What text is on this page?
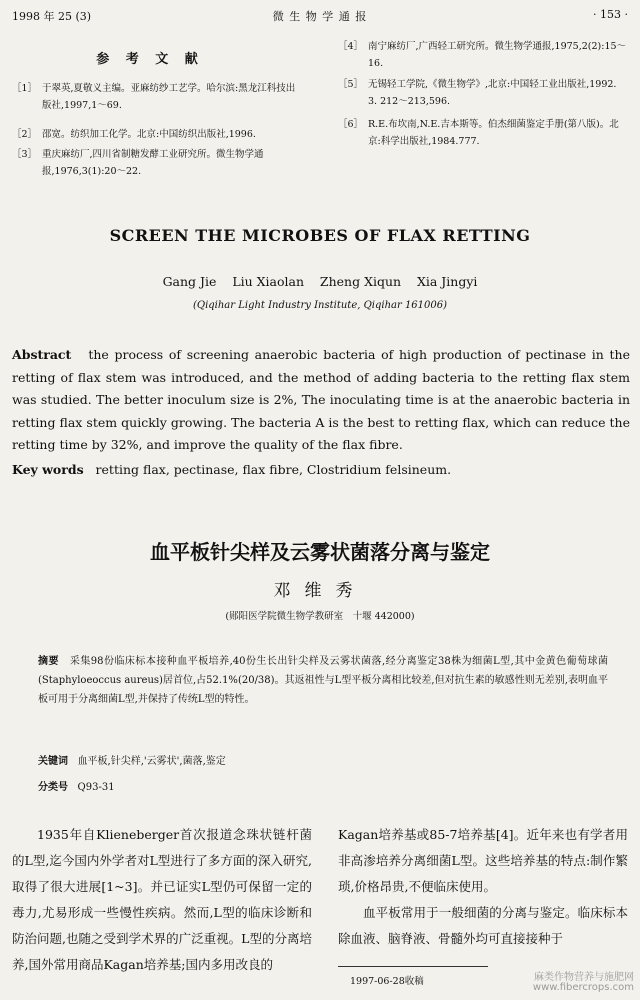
1998 年 25 (3)	微 生 物 学 通 报	· 153 ·
参 考 文 献
［1］ 于翠英,夏敬义主编。亚麻纺纱工艺学。哈尔滨:黑龙江科技出版社,1997,1～69.
［2］ 邵宽。纺织加工化学。北京:中国纺织出版社,1996.
［3］ 重庆麻纺厂,四川省制糖发酵工业研究所。微生物学通报,1976,3(1):20～22.
［4］ 南宁麻纺厂,广西轻工研究所。微生物学通报,1975,2(2):15～16.
［5］ 无锡轻工学院,《微生物学》,北京:中国轻工业出版社,1992. 3. 212～213,596.
［6］ R.E.布坎南,N.E.吉本斯等。伯杰细菌鉴定手册(第八版)。北京:科学出版社,1984.777.
SCREEN THE MICROBES OF FLAX RETTING
Gang Jie    Liu Xiaolan    Zheng Xiqun    Xia Jingyi
(Qiqihar Light Industry Institute, Qiqihar 161006)
Abstract the process of screening anaerobic bacteria of high production of pectinase in the retting of flax stem was introduced, and the method of adding bacteria to the retting flax stem was studied. The better inoculum size is 2%, The inoculating time is at the anaerobic bacteria in retting flax stem quickly growing. The bacteria A is the best to retting flax, which can reduce the retting time by 32%, and improve the quality of the flax fibre.
Key words retting flax, pectinase, flax fibre, Clostridium felsineum.
血平板针尖样及云雾状菌落分离与鉴定
邓维秀
(郧阳医学院微生物学教研室　十堰 442000)
摘要 采集98份临床标本接种血平板培养,40份生长出针尖样及云雾状菌落,经分离鉴定38株为细菌L型,其中金黄色葡萄球菌(Staphyloeoccus aureus)居首位,占52.1%(20/38)。其返祖性与L型平板分离相比较差,但对抗生素的敏感性则无差别,表明血平板可用于分离细菌L型,并保持了传统L型的特性。
关键词 血平板,针尖样,'云雾状',菌落,鉴定
分类号 Q93-31
1935年自Klieneberger首次报道念珠状链杆菌的L型,迄今国内外学者对L型进行了多方面的深入研究,取得了很大进展[1~3]。并已证实L型仍可保留一定的毒力,尤易形成一些慢性疾病。然而,L型的临床诊断和防治问题,也随之受到学术界的广泛重视。L型的分离培养,国外常用商品Kagan培养基;国内多用改良的
Kagan培养基或85-7培养基[4]。近年来也有学者用非高渗培养分离细菌L型。这些培养基的特点:制作繁琐,价格昂贵,不便临床使用。
血平板常用于一般细菌的分离与鉴定。临床标本除血液、脑脊液、骨髓外均可直接接种于
1997-06-28收稿	麻类作物营养与施肥网
www.fibercrops.com
